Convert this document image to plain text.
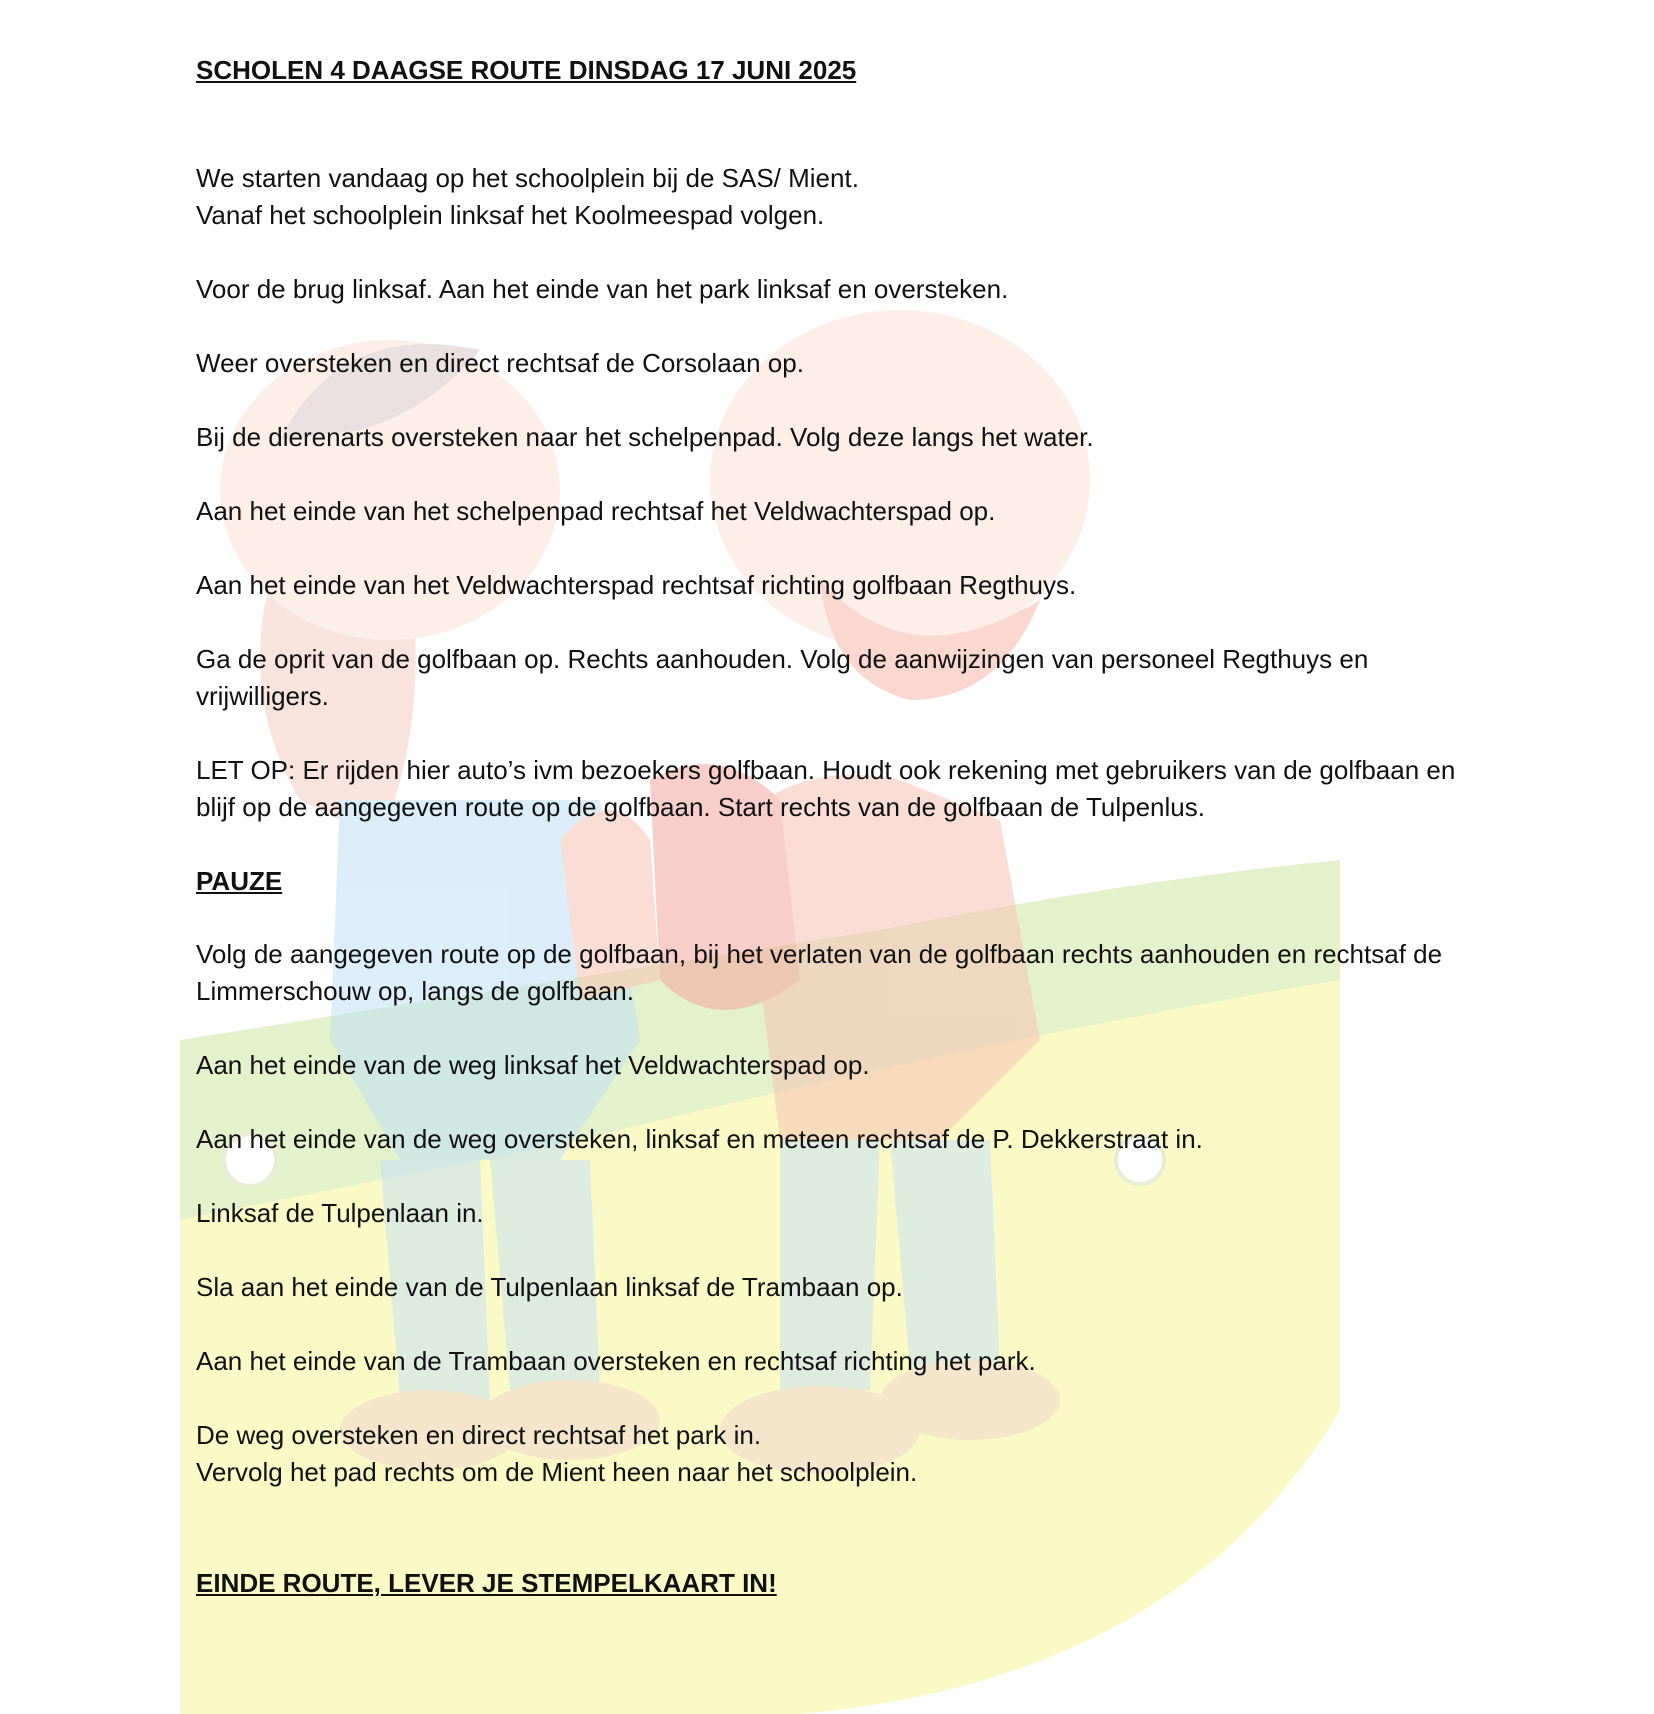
SCHOLEN 4 DAAGSE ROUTE DINSDAG 17 JUNI 2025

We starten vandaag op het schoolplein bij de SAS/ Mient.
Vanaf het schoolplein linksaf het Koolmeespad volgen.

Voor de brug linksaf. Aan het einde van het park linksaf en oversteken.

Weer oversteken en direct rechtsaf de Corsolaan op.

Bij de dierenarts oversteken naar het schelpenpad. Volg deze langs het water.

Aan het einde van het schelpenpad rechtsaf het Veldwachterspad op.

Aan het einde van het Veldwachterspad rechtsaf richting golfbaan Regthuys.

Ga de oprit van de golfbaan op. Rechts aanhouden. Volg de aanwijzingen van personeel Regthuys en vrijwilligers.

LET OP: Er rijden hier auto’s ivm bezoekers golfbaan. Houdt ook rekening met gebruikers van de golfbaan en blijf op de aangegeven route op de golfbaan. Start rechts van de golfbaan de Tulpenlus.

PAUZE

Volg de aangegeven route op de golfbaan, bij het verlaten van de golfbaan rechts aanhouden en rechtsaf de Limmerschouw op, langs de golfbaan.

Aan het einde van de weg linksaf het Veldwachterspad op.

Aan het einde van de weg oversteken, linksaf en meteen rechtsaf de P. Dekkerstraat in.

Linksaf de Tulpenlaan in.

Sla aan het einde van de Tulpenlaan linksaf de Trambaan op.

Aan het einde van de Trambaan oversteken en rechtsaf richting het park.

De weg oversteken en direct rechtsaf het park in.
Vervolg het pad rechts om de Mient heen naar het schoolplein.

EINDE ROUTE, LEVER JE STEMPELKAART IN!
